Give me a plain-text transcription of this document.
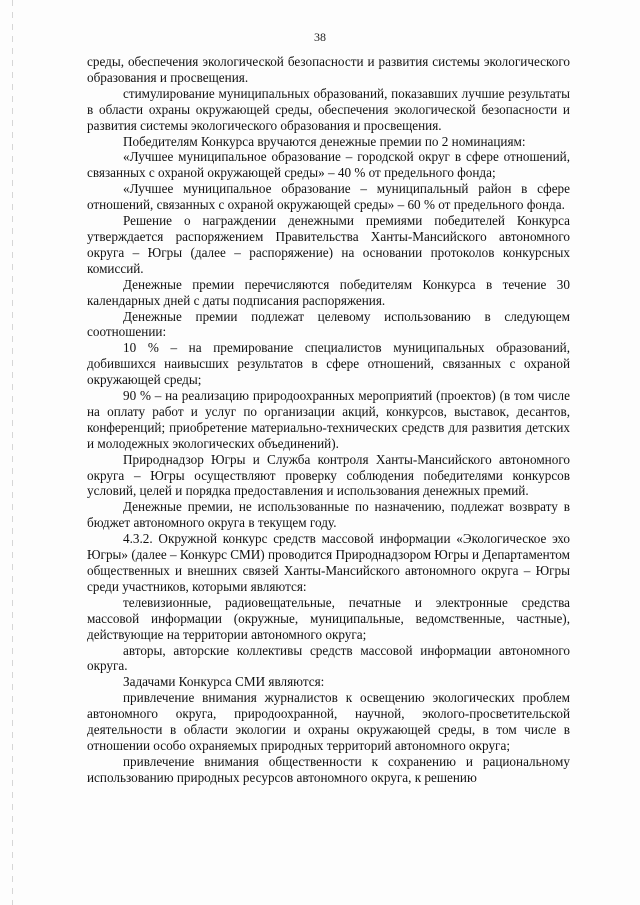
38

среды, обеспечения экологической безопасности и развития системы экологического образования и просвещения.

стимулирование муниципальных образований, показавших лучшие результаты в области охраны окружающей среды, обеспечения экологической безопасности и развития системы экологического образования и просвещения.

Победителям Конкурса вручаются денежные премии по 2 номинациям:

«Лучшее муниципальное образование – городской округ в сфере отношений, связанных с охраной окружающей среды» – 40 % от предельного фонда;

«Лучшее муниципальное образование – муниципальный район в сфере отношений, связанных с охраной окружающей среды» – 60 % от предельного фонда.

Решение о награждении денежными премиями победителей Конкурса утверждается распоряжением Правительства Ханты-Мансийского автономного округа – Югры (далее – распоряжение) на основании протоколов конкурсных комиссий.

Денежные премии перечисляются победителям Конкурса в течение 30 календарных дней с даты подписания распоряжения.

Денежные премии подлежат целевому использованию в следующем соотношении:

10 % – на премирование специалистов муниципальных образований, добившихся наивысших результатов в сфере отношений, связанных с охраной окружающей среды;

90 % – на реализацию природоохранных мероприятий (проектов) (в том числе на оплату работ и услуг по организации акций, конкурсов, выставок, десантов, конференций; приобретение материально-технических средств для развития детских и молодежных экологических объединений).

Природнадзор Югры и Служба контроля Ханты-Мансийского автономного округа – Югры осуществляют проверку соблюдения победителями конкурсов условий, целей и порядка предоставления и использования денежных премий.

Денежные премии, не использованные по назначению, подлежат возврату в бюджет автономного округа в текущем году.

4.3.2. Окружной конкурс средств массовой информации «Экологическое эхо Югры» (далее – Конкурс СМИ) проводится Природнадзором Югры и Департаментом общественных и внешних связей Ханты-Мансийского автономного округа – Югры среди участников, которыми являются:

телевизионные, радиовещательные, печатные и электронные средства массовой информации (окружные, муниципальные, ведомственные, частные), действующие на территории автономного округа;

авторы, авторские коллективы средств массовой информации автономного округа.

Задачами Конкурса СМИ являются:

привлечение внимания журналистов к освещению экологических проблем автономного округа, природоохранной, научной, эколого-просветительской деятельности в области экологии и охраны окружающей среды, в том числе в отношении особо охраняемых природных территорий автономного округа;

привлечение внимания общественности к сохранению и рациональному использованию природных ресурсов автономного округа, к решению
